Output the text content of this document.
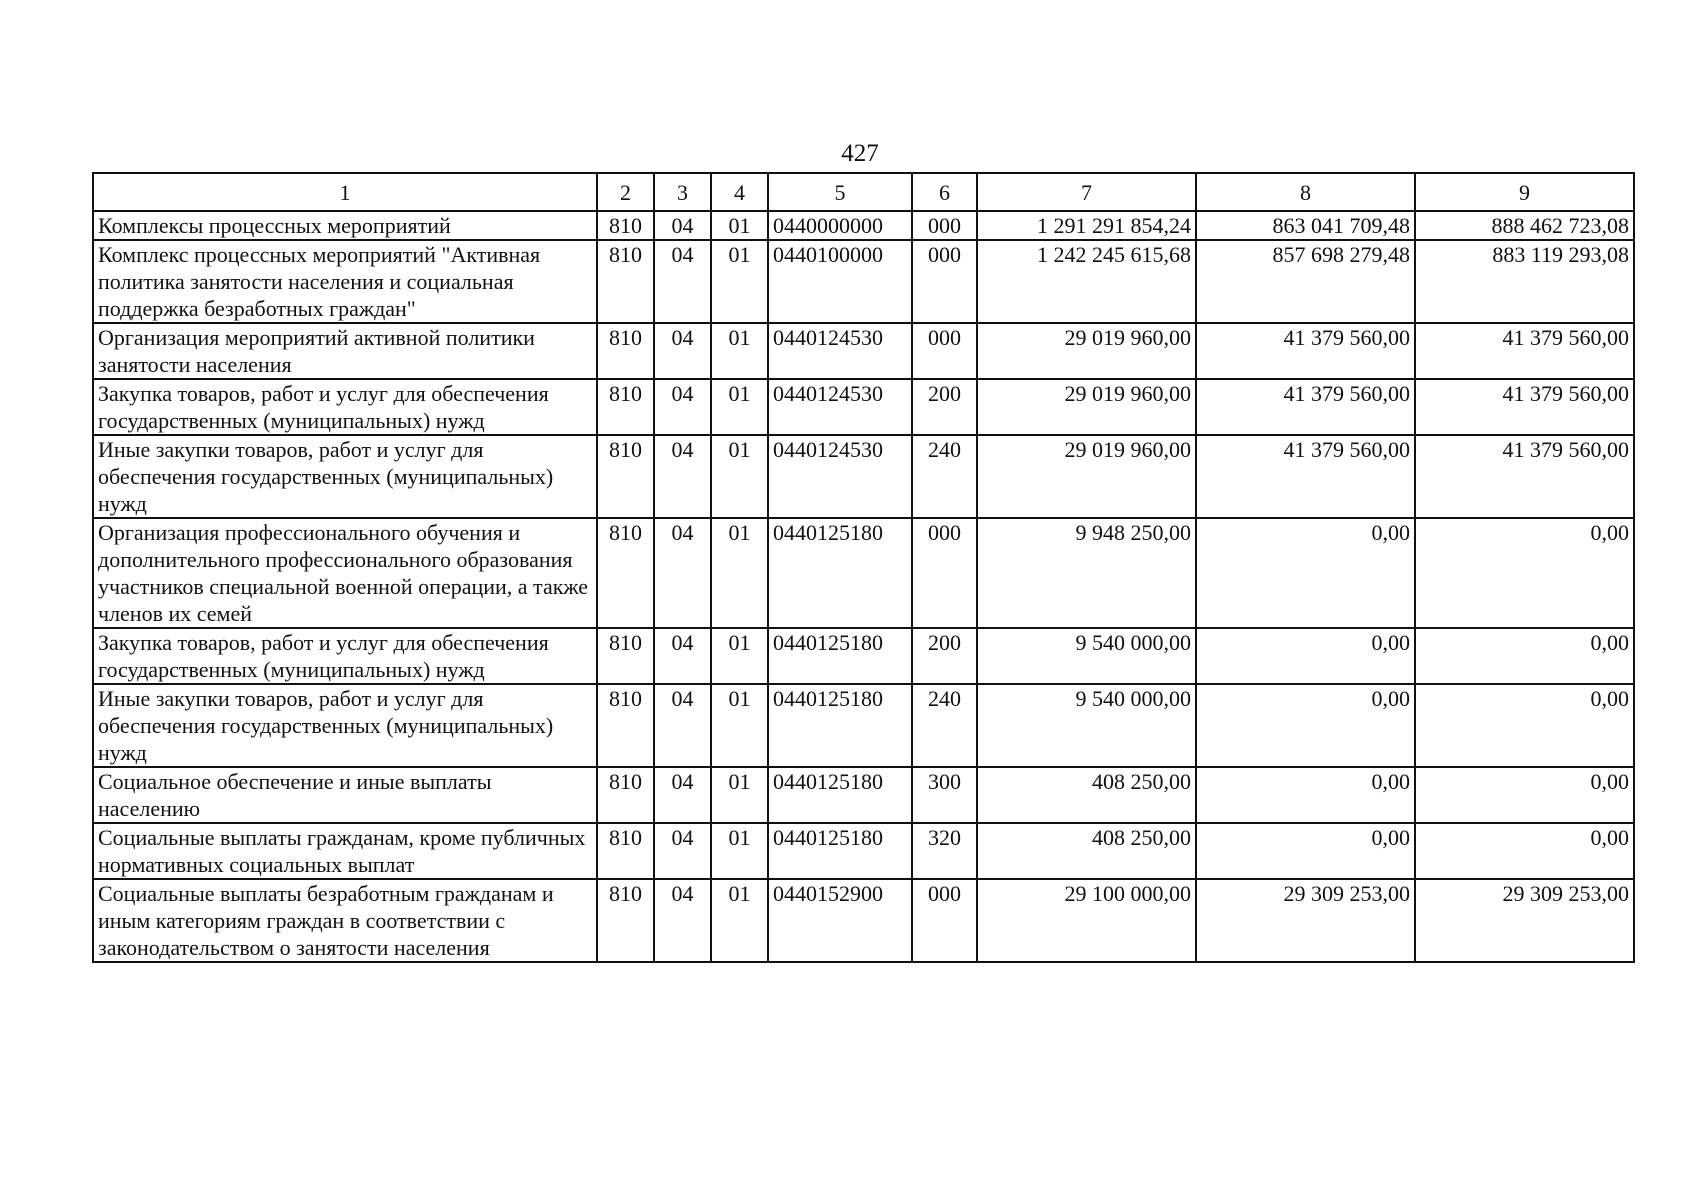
427
1	2	3	4	5	6	7	8	9
Комплексы процессных мероприятий	810	04	01	0440000000	000	1 291 291 854,24	863 041 709,48	888 462 723,08
Комплекс процессных мероприятий "Активная политика занятости населения и социальная поддержка безработных граждан"	810	04	01	0440100000	000	1 242 245 615,68	857 698 279,48	883 119 293,08
Организация мероприятий активной политики занятости населения	810	04	01	0440124530	000	29 019 960,00	41 379 560,00	41 379 560,00
Закупка товаров, работ и услуг для обеспечения государственных (муниципальных) нужд	810	04	01	0440124530	200	29 019 960,00	41 379 560,00	41 379 560,00
Иные закупки товаров, работ и услуг для обеспечения государственных (муниципальных) нужд	810	04	01	0440124530	240	29 019 960,00	41 379 560,00	41 379 560,00
Организация профессионального обучения и дополнительного профессионального образования участников специальной военной операции, а также членов их семей	810	04	01	0440125180	000	9 948 250,00	0,00	0,00
Закупка товаров, работ и услуг для обеспечения государственных (муниципальных) нужд	810	04	01	0440125180	200	9 540 000,00	0,00	0,00
Иные закупки товаров, работ и услуг для обеспечения государственных (муниципальных) нужд	810	04	01	0440125180	240	9 540 000,00	0,00	0,00
Социальное обеспечение и иные выплаты населению	810	04	01	0440125180	300	408 250,00	0,00	0,00
Социальные выплаты гражданам, кроме публичных нормативных социальных выплат	810	04	01	0440125180	320	408 250,00	0,00	0,00
Социальные выплаты безработным гражданам и иным категориям граждан в соответствии с законодательством о занятости населения	810	04	01	0440152900	000	29 100 000,00	29 309 253,00	29 309 253,00
